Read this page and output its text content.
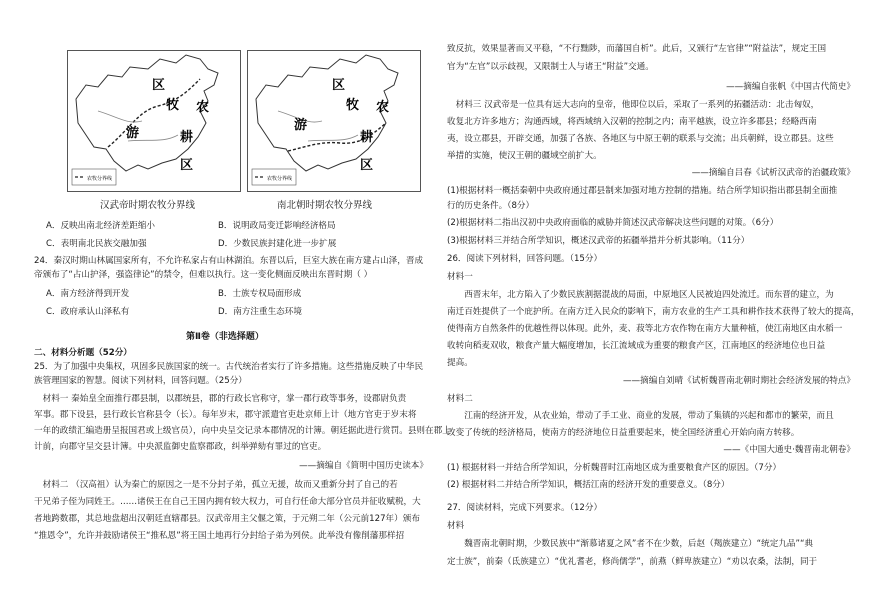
农牧分界线
牧 农
游	耕
区
区
农牧分界线
牧 农
游
耕
区
区
汉武帝时期农牧分界线	南北朝时期农牧分界线
A．反映出南北经济差距缩小	B．说明政局变迁影响经济格局
C．表明南北民族交融加强	D．少数民族封建化进一步扩展
24．秦汉时期山林属国家所有，不允许私家占有山林湖泊。东晋以后，巨室大族在南方建占山泽，晋成
帝颁布了“占山护泽，强盗律论”的禁令，但难以执行。这一变化侧面反映出东晋时期（ ）
A．南方经济得到开发	B．士族专权局面形成
C．政府承认山泽私有	D．南方注重生态环境
第Ⅱ卷（非选择题）
二、材料分析题（52分）
25．为了加强中央集权，巩固多民族国家的统一。古代统治者实行了许多措施。这些措施反映了中华民
族管理国家的智慧。阅读下列材料，回答问题。（25分）
　材料一 秦始皇全面推行郡县制，以郡统县，郡的行政长官称守，掌一郡行政等事务，设郡尉负责
军事。郡下设县，县行政长官称县令（长）。每年岁末，郡守派遣官吏赴京师上计（地方官吏于岁末将
一年的政绩汇编造册呈报国君或上级官员），向中央呈交记录本郡情况的计簿。朝廷据此进行赏罚。县则在郡上
计前，向郡守呈交县计簿。中央派监御史监察郡政，纠举弹劾有罪过的官吏。
——摘编自《简明中国历史读本》
　材料二 （汉高祖）认为秦亡的原因之一是不分封子弟，孤立无援，故而又重新分封了自己的若
干兄弟子侄为同姓王。……诸侯王在自己王国内拥有较大权力，可自行任命大部分官员并征收赋税，大
者地跨数郡，其总地盘超出汉朝廷直辖郡县。汉武帝用主父偃之策，于元朔二年（公元前127年）颁布
“推恩令”，允许并鼓励诸侯王“推私恩”将王国土地再行分封给子弟为列侯。此举没有像削藩那样招
致反抗，效果显著而又平稳，“不行黜陟，而藩国自析”。此后，又颁行“左官律”“附益法”，规定王国
官为“左官”以示歧视，又限制士人与诸王“附益”交通。
——摘编自张帆《中国古代简史》
　材料三 汉武帝是一位具有远大志向的皇帝，他即位以后，采取了一系列的拓疆活动：北击匈奴，
收复北方许多地方；沟通西域，将西域纳入汉朝的控制之内；南平越族，设立许多郡县；经略西南
夷，设立郡县，开辟交通，加强了各族、各地区与中原王朝的联系与交流；出兵朝鲜，设立郡县。这些
举措的实施，使汉王朝的疆域空前扩大。
——摘编自吕春《试析汉武帝的治疆政策》
(1)根据材料一概括秦朝中央政府通过郡县制来加强对地方控制的措施。结合所学知识指出郡县制全面推
行的历史条件。（8分）
(2)根据材料二指出汉初中央政府面临的威胁并简述汉武帝解决这些问题的对策。（6分）
(3)根据材料三并结合所学知识，概述汉武帝的拓疆举措并分析其影响。（11分）
26．阅读下列材料，回答问题。（15分）
材料一
　　西晋末年，北方陷入了少数民族割据混战的局面，中原地区人民被迫四处流迁。而东晋的建立，为
南迁百姓提供了一个庇护所。在南方迁入民众的影响下，南方农业的生产工具和耕作技术获得了较大的提高，
使得南方自然条件的优越性得以体现。此外，麦、菽等北方农作物在南方大量种植，使江南地区由水稻一
收转向稻麦双收，粮食产量大幅度增加，长江流域成为重要的粮食产区，江南地区的经济地位也日益
提高。
——摘编自刘晴《试析魏晋南北朝时期社会经济发展的特点》
材料二
　　江南的经济开发，从农业始，带动了手工业、商业的发展，带动了集镇的兴起和都市的繁荣，而且
改变了传统的经济格局，使南方的经济地位日益重要起来，使全国经济重心开始向南方转移。
——《中国大通史·魏晋南北朝卷》
(1) 根据材料一并结合所学知识，分析魏晋时江南地区成为重要粮食产区的原因。（7分）
(2) 根据材料二并结合所学知识，概括江南的经济开发的重要意义。（8分）
27．阅读材料，完成下列要求。（12分）
材料
　　魏晋南北朝时期，少数民族中“渐慕诸夏之风”者不在少数，后赵（羯族建立）“统定九品”“典
定士族”，前秦（氐族建立）“优礼耆老，修尚儒学”，前燕（鲜卑族建立）“劝以农桑，法制，同于
